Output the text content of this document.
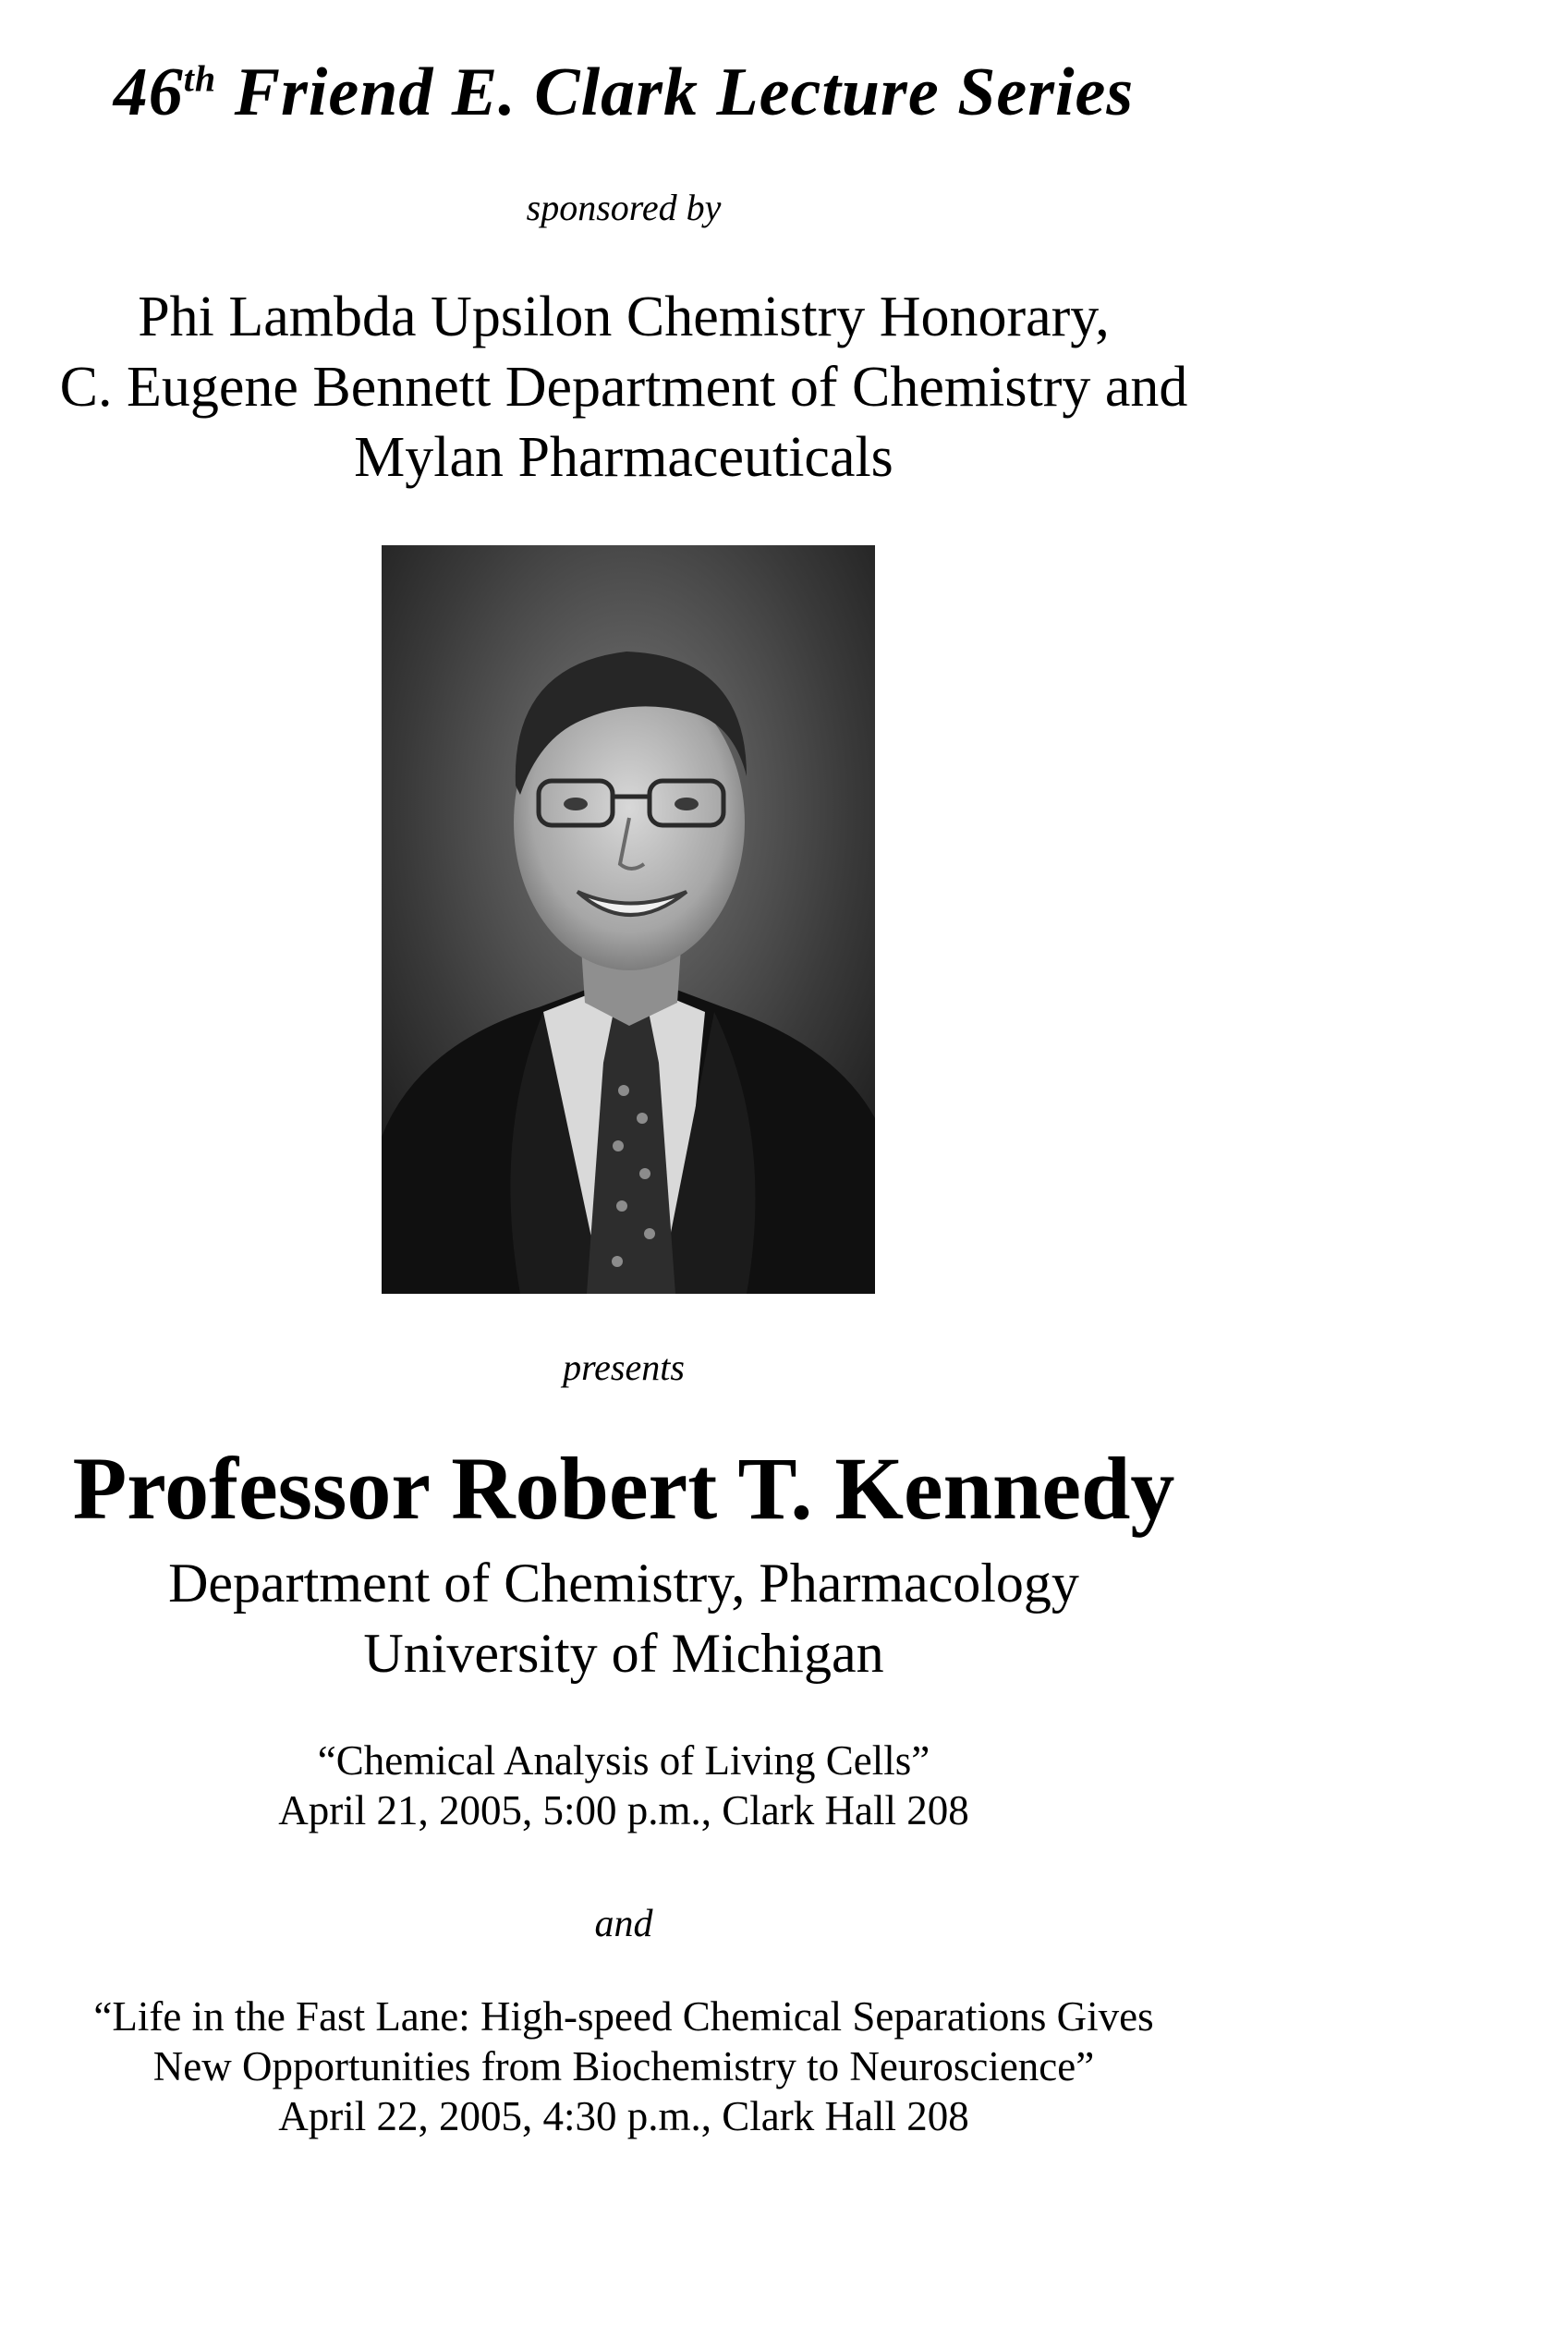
46th Friend E. Clark Lecture Series
sponsored by
Phi Lambda Upsilon Chemistry Honorary,
C. Eugene Bennett Department of Chemistry and
Mylan Pharmaceuticals
presents
Professor Robert T. Kennedy
Department of Chemistry, Pharmacology
University of Michigan
“Chemical Analysis of Living Cells”
April 21, 2005, 5:00 p.m., Clark Hall 208
and
“Life in the Fast Lane: High-speed Chemical Separations Gives
New Opportunities from Biochemistry to Neuroscience”
April 22, 2005, 4:30 p.m., Clark Hall 208
